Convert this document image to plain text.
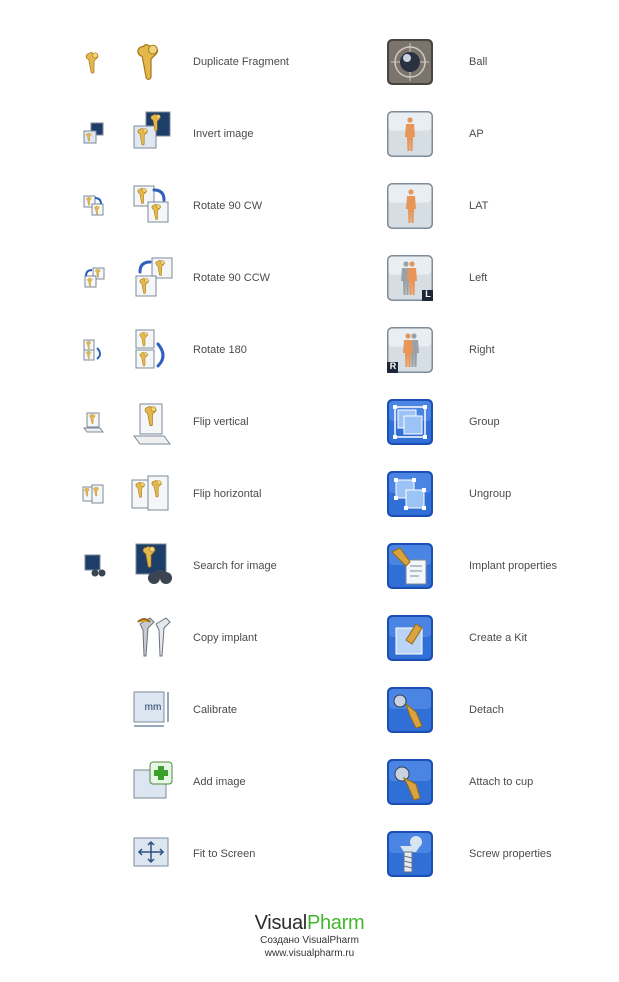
Duplicate Fragment
Invert image
Rotate 90 CW
Rotate 90 CCW
Rotate 180
Flip vertical
Flip horizontal
Search for image
Copy implant
mm	Calibrate
Add image
Fit to Screen
Ball
AP
LAT
L
Left
R
Right
Group
Ungroup
Implant properties
Create a Kit
Detach
Attach to cup
Screw properties
VisualPharm
Создано VisualPharm
www.visualpharm.ru
